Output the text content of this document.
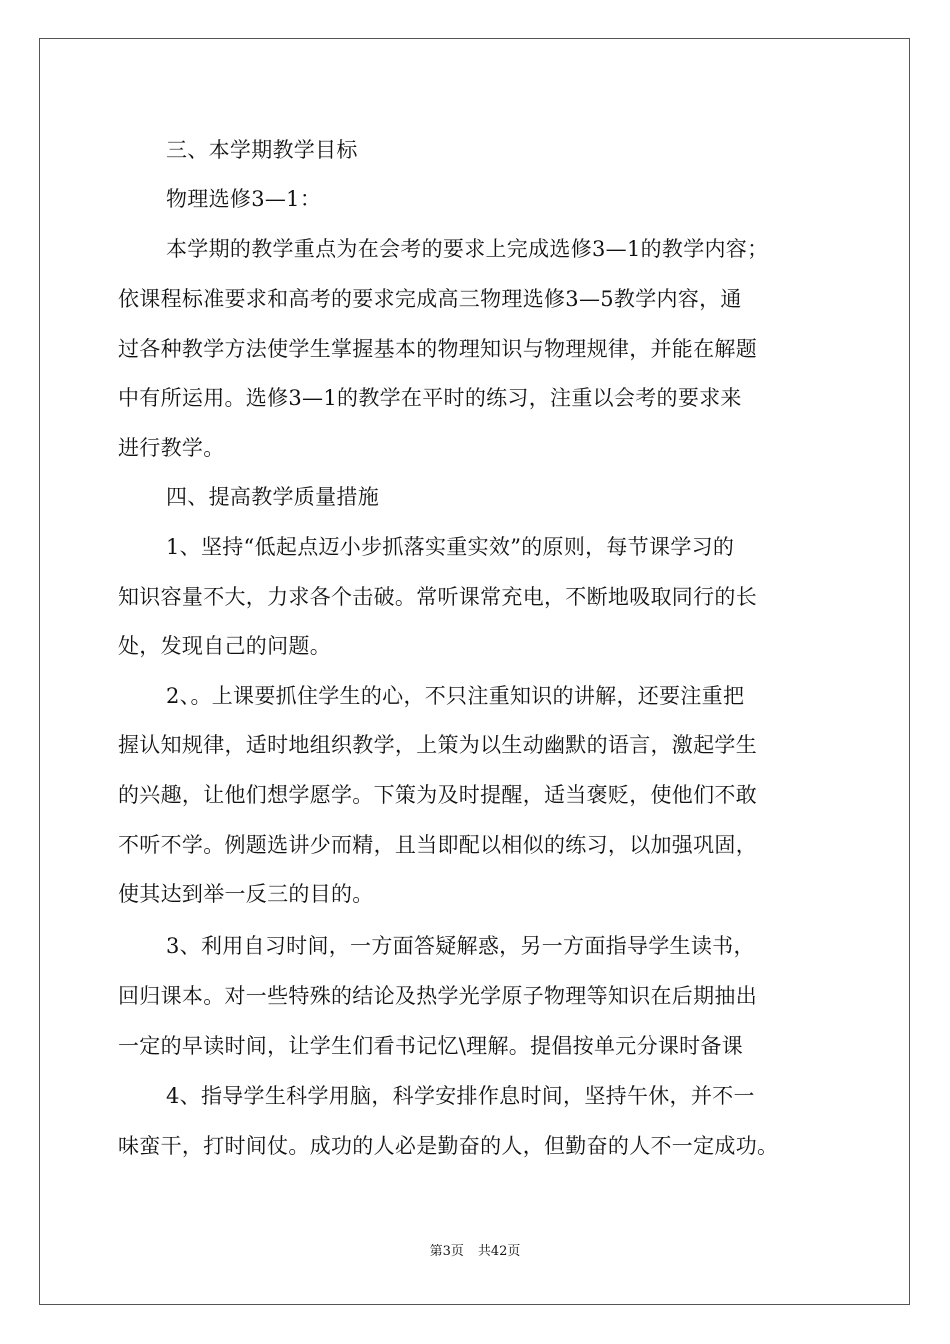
三、本学期教学目标
物理选修3—1：
本学期的教学重点为在会考的要求上完成选修3—1的教学内容；
依课程标准要求和高考的要求完成高三物理选修3—5教学内容，通
过各种教学方法使学生掌握基本的物理知识与物理规律，并能在解题
中有所运用。选修3—1的教学在平时的练习，注重以会考的要求来
进行教学。
四、提高教学质量措施
1、坚持“低起点迈小步抓落实重实效”的原则，每节课学习的
知识容量不大，力求各个击破。常听课常充电，不断地吸取同行的长
处，发现自己的问题。
2、。上课要抓住学生的心，不只注重知识的讲解，还要注重把
握认知规律，适时地组织教学，上策为以生动幽默的语言，激起学生
的兴趣，让他们想学愿学。下策为及时提醒，适当褒贬，使他们不敢
不听不学。例题选讲少而精，且当即配以相似的练习，以加强巩固，
使其达到举一反三的目的。
3、利用自习时间，一方面答疑解惑，另一方面指导学生读书，
回归课本。对一些特殊的结论及热学光学原子物理等知识在后期抽出
一定的早读时间，让学生们看书记忆\理解。提倡按单元分课时备课
4、指导学生科学用脑，科学安排作息时间，坚持午休，并不一
味蛮干，打时间仗。成功的人必是勤奋的人，但勤奋的人不一定成功。
第3页 共42页
